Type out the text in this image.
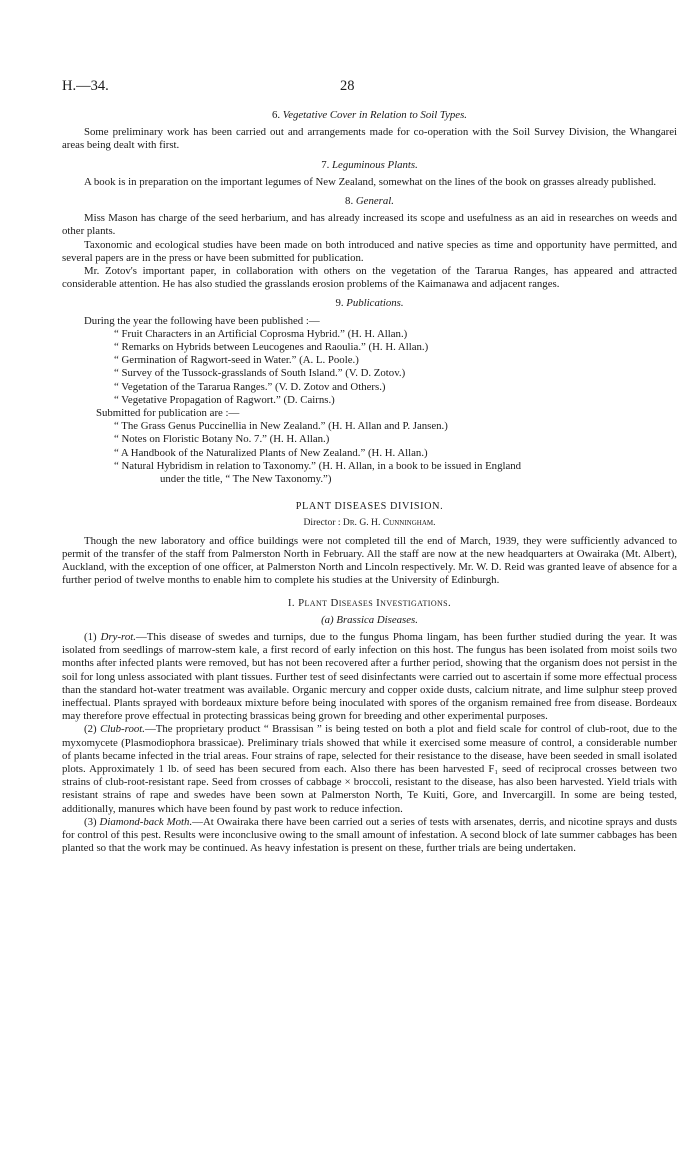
H.—34.	28
6. Vegetative Cover in Relation to Soil Types.

Some preliminary work has been carried out and arrangements made for co-operation with the Soil Survey Division, the Whangarei areas being dealt with first.

7. Leguminous Plants.

A book is in preparation on the important legumes of New Zealand, somewhat on the lines of the book on grasses already published.

8. General.

Miss Mason has charge of the seed herbarium, and has already increased its scope and usefulness as an aid in researches on weeds and other plants.

Taxonomic and ecological studies have been made on both introduced and native species as time and opportunity have permitted, and several papers are in the press or have been submitted for publication.

Mr. Zotov's important paper, in collaboration with others on the vegetation of the Tararua Ranges, has appeared and attracted considerable attention. He has also studied the grasslands erosion problems of the Kaimanawa and adjacent ranges.

9. Publications.

During the year the following have been published :—

“ Fruit Characters in an Artificial Coprosma Hybrid.” (H. H. Allan.)
“ Remarks on Hybrids between Leucogenes and Raoulia.” (H. H. Allan.)
“ Germination of Ragwort-seed in Water.” (A. L. Poole.)
“ Survey of the Tussock-grasslands of South Island.” (V. D. Zotov.)
“ Vegetation of the Tararua Ranges.” (V. D. Zotov and Others.)
“ Vegetative Propagation of Ragwort.” (D. Cairns.)
Submitted for publication are :—
“ The Grass Genus Puccinellia in New Zealand.” (H. H. Allan and P. Jansen.)
“ Notes on Floristic Botany No. 7.” (H. H. Allan.)
“ A Handbook of the Naturalized Plants of New Zealand.” (H. H. Allan.)
“ Natural Hybridism in relation to Taxonomy.” (H. H. Allan, in a book to be issued in England
under the title, “ The New Taxonomy.”)
PLANT DISEASES DIVISION.
Director : Dr. G. H. Cunningham.

Though the new laboratory and office buildings were not completed till the end of March, 1939, they were sufficiently advanced to permit of the transfer of the staff from Palmerston North in February. All the staff are now at the new headquarters at Owairaka (Mt. Albert), Auckland, with the exception of one officer, at Palmerston North and Lincoln respectively. Mr. W. D. Reid was granted leave of absence for a further period of twelve months to enable him to complete his studies at the University of Edinburgh.

I. Plant Diseases Investigations.
(a) Brassica Diseases.

(1) Dry-rot.—This disease of swedes and turnips, due to the fungus Phoma lingam, has been further studied during the year. It was isolated from seedlings of marrow-stem kale, a first record of early infection on this host. The fungus has been isolated from moist soils two months after infected plants were removed, but has not been recovered after a further period, showing that the organism does not persist in the soil for long unless associated with plant tissues. Further test of seed disinfectants were carried out to ascertain if some more effectual process than the standard hot-water treatment was available. Organic mercury and copper oxide dusts, calcium nitrate, and lime sulphur steep proved ineffectual. Plants sprayed with bordeaux mixture before being inoculated with spores of the organism remained free from disease. Bordeaux may therefore prove effectual in protecting brassicas being grown for breeding and other experimental purposes.

(2) Club-root.—The proprietary product “ Brassisan ” is being tested on both a plot and field scale for control of club-root, due to the myxomycete (Plasmodiophora brassicae). Preliminary trials showed that while it exercised some measure of control, a considerable number of plants became infected in the trial areas. Four strains of rape, selected for their resistance to the disease, have been seeded in small isolated plots. Approximately 1 lb. of seed has been secured from each. Also there has been harvested F₁ seed of reciprocal crosses between two strains of club-root-resistant rape. Seed from crosses of cabbage × broccoli, resistant to the disease, has also been harvested. Yield trials with resistant strains of rape and swedes have been sown at Palmerston North, Te Kuiti, Gore, and Invercargill. In some are being tested, additionally, manures which have been found by past work to reduce infection.

(3) Diamond-back Moth.—At Owairaka there have been carried out a series of tests with arsenates, derris, and nicotine sprays and dusts for control of this pest. Results were inconclusive owing to the small amount of infestation. A second block of late summer cabbages has been planted so that the work may be continued. As heavy infestation is present on these, further trials are being undertaken.
